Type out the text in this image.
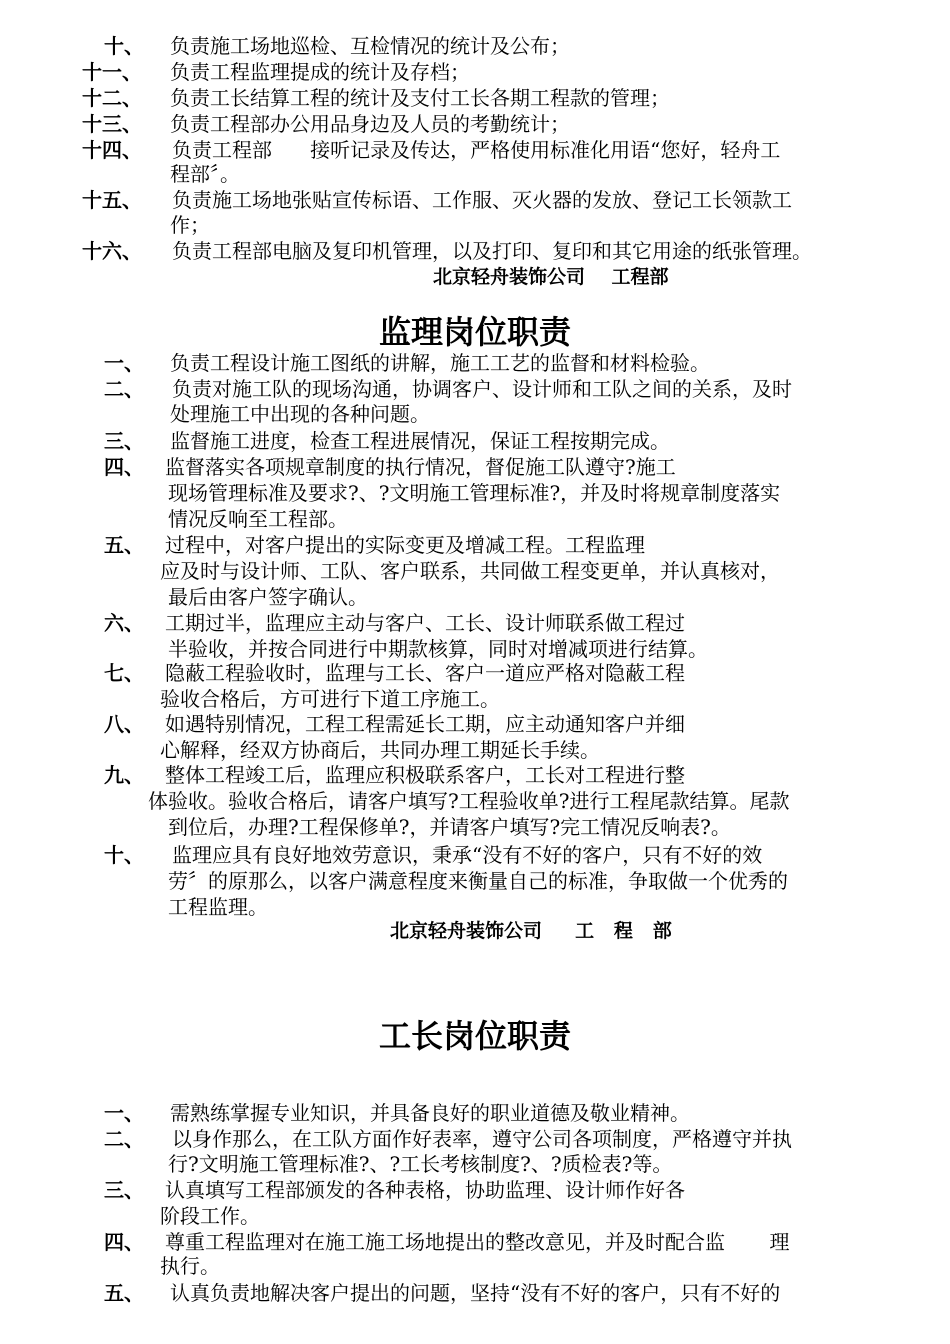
十、 负责施工场地巡检、互检情况的统计及公布；
十一、 负责工程监理提成的统计及存档；
十二、 负责工长结算工程的统计及支付工长各期工程款的管理；
十三、 负责工程部办公用品身边及人员的考勤统计；
十四、 负责工程部      接听记录及传达，严格使用标准化用语“您好，轻舟工
程部〞。
十五、 负责施工场地张贴宣传标语、工作服、灭火器的发放、登记工长领款工
作；
十六、 负责工程部电脑及复印机管理，以及打印、复印和其它用途的纸张管理。
北京轻舟装饰公司    工程部
监理岗位职责
一、 负责工程设计施工图纸的讲解，施工工艺的监督和材料检验。
二、 负责对施工队的现场沟通，协调客户、设计师和工队之间的关系，及时
处理施工中出现的各种问题。
三、 监督施工进度，检查工程进展情况，保证工程按期完成。
四、 监督落实各项规章制度的执行情况，督促施工队遵守?施工
现场管理标准及要求?、?文明施工管理标准?，并及时将规章制度落实
情况反响至工程部。
五、 过程中，对客户提出的实际变更及增减工程。工程监理
应及时与设计师、工队、客户联系，共同做工程变更单，并认真核对，
最后由客户签字确认。
六、 工期过半，监理应主动与客户、工长、设计师联系做工程过
半验收，并按合同进行中期款核算，同时对增减项进行结算。
七、 隐蔽工程验收时，监理与工长、客户一道应严格对隐蔽工程
验收合格后，方可进行下道工序施工。
八、 如遇特别情况，工程工程需延长工期，应主动通知客户并细
心解释，经双方协商后，共同办理工期延长手续。
九、 整体工程竣工后，监理应积极联系客户，工长对工程进行整
体验收。验收合格后，请客户填写?工程验收单?进行工程尾款结算。尾款
到位后，办理?工程保修单?，并请客户填写?完工情况反响表?。
十、 监理应具有良好地效劳意识，秉承“没有不好的客户，只有不好的效
劳〞的原那么，以客户满意程度来衡量自己的标准，争取做一个优秀的
工程监理。
北京轻舟装饰公司     工   程   部
工长岗位职责
一、 需熟练掌握专业知识，并具备良好的职业道德及敬业精神。
二、 以身作那么，在工队方面作好表率，遵守公司各项制度，严格遵守并执
行?文明施工管理标准?、?工长考核制度?、?质检表?等。
三、 认真填写工程部颁发的各种表格，协助监理、设计师作好各
阶段工作。
四、 尊重工程监理对在施工施工场地提出的整改意见，并及时配合监       理
执行。
五、 认真负责地解决客户提出的问题，坚持“没有不好的客户，只有不好的
